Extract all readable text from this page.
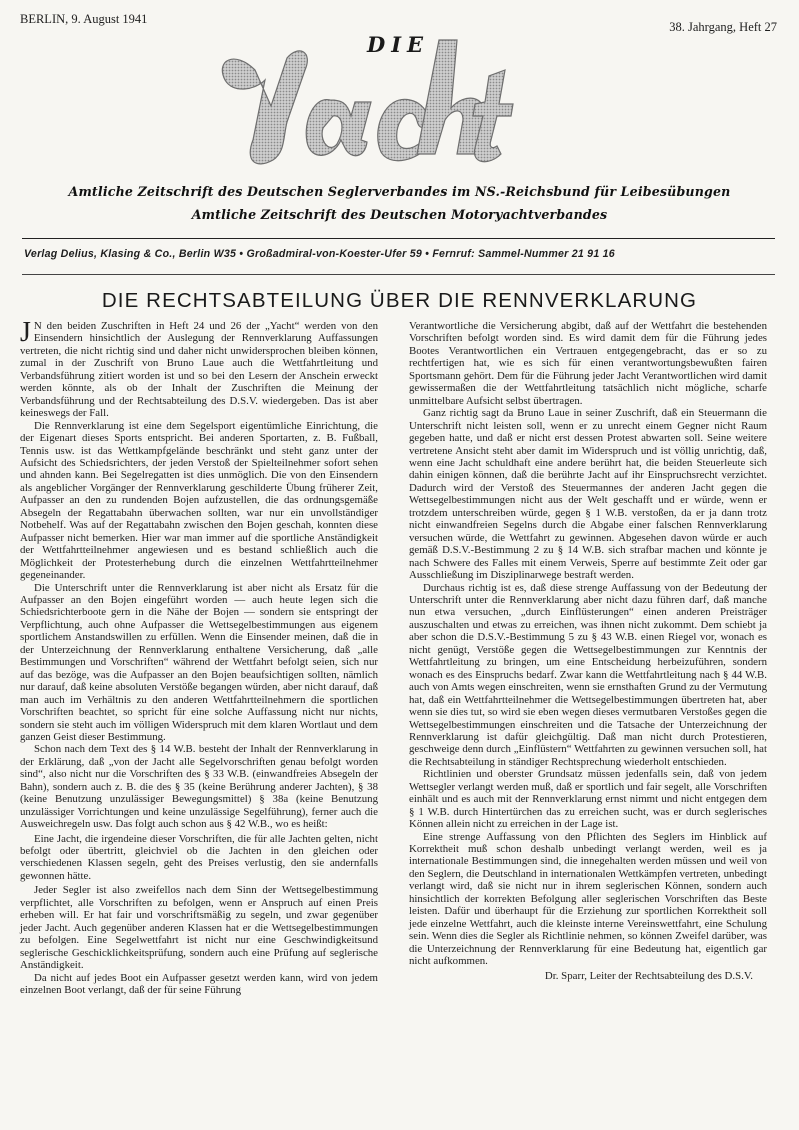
BERLIN, 9. August 1941
38. Jahrgang, Heft 27
DIE
Amtliche Zeitschrift des Deutschen Seglerverbandes im NS.-Reichsbund für Leibesübungen
Amtliche Zeitschrift des Deutschen Motoryachtverbandes
Verlag Delius, Klasing & Co., Berlin W35 • Großadmiral-von-Koester-Ufer 59 • Fernruf: Sammel-Nummer 21 91 16
DIE RECHTSABTEILUNG ÜBER DIE RENNVERKLARUNG

J N den beiden Zuschriften in Heft 24 und 26 der „Yacht“ werden von den Einsendern hinsichtlich der Auslegung der Rennverklarung Auffassungen vertreten, die nicht richtig sind und daher nicht unwidersprochen bleiben können, zumal in der Zuschrift von Bruno Laue auch die Wettfahrtleitung und Verbandsführung zitiert worden ist und so bei den Lesern der Anschein erweckt werden könnte, als ob der Inhalt der Zuschriften die Meinung der Verbandsführung und der Rechtsabteilung des D.S.V. wiedergeben. Das ist aber keineswegs der Fall.

Die Rennverklarung ist eine dem Segelsport eigentümliche Einrichtung, die der Eigenart dieses Sports entspricht. Bei anderen Sportarten, z. B. Fußball, Tennis usw. ist das Wettkampfgelände beschränkt und steht ganz unter der Aufsicht des Schiedsrichters, der jeden Verstoß der Spielteilnehmer sofort sehen und ahnden kann. Bei Segelregatten ist dies unmöglich. Die von den Einsendern als angeblicher Vorgänger der Rennverklarung geschilderte Übung früherer Zeit, Aufpasser an den zu rundenden Bojen aufzustellen, die das ordnungsgemäße Absegeln der Regattabahn überwachen sollten, war nur ein unvollständiger Notbehelf. Was auf der Regattabahn zwischen den Bojen geschah, konnten diese Aufpasser nicht bemerken. Hier war man immer auf die sportliche Anständigkeit der Wettfahrtteilnehmer angewiesen und es bestand schließlich auch die Möglichkeit der Protesterhebung durch die einzelnen Wettfahrtteilnehmer gegeneinander.

Die Unterschrift unter die Rennverklarung ist aber nicht als Ersatz für die Aufpasser an den Bojen eingeführt worden — auch heute legen sich die Schiedsrichterboote gern in die Nähe der Bojen — sondern sie entspringt der Verpflichtung, auch ohne Aufpasser die Wettsegelbestimmungen aus eigenem sportlichem Anstandswillen zu erfüllen. Wenn die Einsender meinen, daß die in der Unterzeichnung der Rennverklarung enthaltene Versicherung, daß „alle Bestimmungen und Vorschriften“ während der Wettfahrt befolgt seien, sich nur auf das bezöge, was die Aufpasser an den Bojen beaufsichtigen sollten, nämlich nur darauf, daß keine absoluten Verstöße begangen würden, aber nicht darauf, daß man auch im Verhältnis zu den anderen Wettfahrtteilnehmern die sportlichen Vorschriften beachtet, so spricht für eine solche Auffassung nicht nur nichts, sondern sie steht auch im völligen Widerspruch mit dem klaren Wortlaut und dem ganzen Geist dieser Bestimmung.

Schon nach dem Text des § 14 W.B. besteht der Inhalt der Rennverklarung in der Erklärung, daß „von der Jacht alle Segelvorschriften genau befolgt worden sind“, also nicht nur die Vorschriften des § 33 W.B. (einwandfreies Absegeln der Bahn), sondern auch z. B. die des § 35 (keine Berührung anderer Jachten), § 38 (keine Benutzung unzulässiger Bewegungsmittel) § 38a (keine Benutzung unzulässiger Vorrichtungen und keine unzulässige Segelführung), ferner auch die Ausweichregeln usw. Das folgt auch schon aus § 42 W.B., wo es heißt:

Eine Jacht, die irgendeine dieser Vorschriften, die für alle Jachten gelten, nicht befolgt oder übertritt, gleichviel ob die Jachten in den gleichen oder verschiedenen Klassen segeln, geht des Preises verlustig, den sie andernfalls gewonnen hätte.

Jeder Segler ist also zweifellos nach dem Sinn der Wettsegelbestimmung verpflichtet, alle Vorschriften zu befolgen, wenn er Anspruch auf einen Preis erheben will. Er hat fair und vorschriftsmäßig zu segeln, und zwar gegenüber jeder Jacht. Auch gegenüber anderen Klassen hat er die Wettsegelbestimmungen zu befolgen. Eine Segelwettfahrt ist nicht nur eine Geschwindigkeitsund seglerische Geschicklichkeitsprüfung, sondern auch eine Prüfung auf seglerische Anständigkeit.

Da nicht auf jedes Boot ein Aufpasser gesetzt werden kann, wird von jedem einzelnen Boot verlangt, daß der für seine Führung

Verantwortliche die Versicherung abgibt, daß auf der Wettfahrt die bestehenden Vorschriften befolgt worden sind. Es wird damit dem für die Führung jedes Bootes Verantwortlichen ein Vertrauen entgegengebracht, das er so zu rechtfertigen hat, wie es sich für einen verantwortungsbewußten fairen Sportsmann gehört. Dem für die Führung jeder Jacht Verantwortlichen wird damit gewissermaßen die der Wettfahrtleitung tatsächlich nicht mögliche, scharfe unmittelbare Aufsicht selbst übertragen.

Ganz richtig sagt da Bruno Laue in seiner Zuschrift, daß ein Steuermann die Unterschrift nicht leisten soll, wenn er zu unrecht einem Gegner nicht Raum gegeben hatte, und daß er nicht erst dessen Protest abwarten soll. Seine weitere vertretene Ansicht steht aber damit im Widerspruch und ist völlig unrichtig, daß, wenn eine Jacht schuldhaft eine andere berührt hat, die beiden Steuerleute sich dahin einigen können, daß die berührte Jacht auf ihr Einspruchsrecht verzichtet. Dadurch wird der Verstoß des Steuermannes der anderen Jacht gegen die Wettsegelbestimmungen nicht aus der Welt geschafft und er würde, wenn er trotzdem unterschreiben würde, gegen § 1 W.B. verstoßen, da er ja dann trotz nicht einwandfreien Segelns durch die Abgabe einer falschen Rennverklarung versuchen würde, die Wettfahrt zu gewinnen. Abgesehen davon würde er auch gemäß D.S.V.-Bestimmung 2 zu § 14 W.B. sich strafbar machen und könnte je nach Schwere des Falles mit einem Verweis, Sperre auf bestimmte Zeit oder gar Ausschließung im Disziplinarwege bestraft werden.

Durchaus richtig ist es, daß diese strenge Auffassung von der Bedeutung der Unterschrift unter die Rennverklarung aber nicht dazu führen darf, daß manche nun etwa versuchen, „durch Einflüsterungen“ einen anderen Preisträger auszuschalten und etwas zu erreichen, was ihnen nicht zukommt. Dem schiebt ja aber schon die D.S.V.-Bestimmung 5 zu § 43 W.B. einen Riegel vor, wonach es nicht genügt, Verstöße gegen die Wettsegelbestimmungen zur Kenntnis der Wettfahrtleitung zu bringen, um eine Entscheidung herbeizuführen, sondern wonach es des Einspruchs bedarf. Zwar kann die Wettfahrtleitung nach § 44 W.B. auch von Amts wegen einschreiten, wenn sie ernsthaften Grund zu der Vermutung hat, daß ein Wettfahrtteilnehmer die Wettsegelbestimmungen übertreten hat, aber wenn sie dies tut, so wird sie eben wegen dieses vermutbaren Verstoßes gegen die Wettsegelbestimmungen einschreiten und die Tatsache der Unterzeichnung der Rennverklarung ist dafür gleichgültig. Daß man nicht durch Protestieren, geschweige denn durch „Einflüstern“ Wettfahrten zu gewinnen versuchen soll, hat die Rechtsabteilung in ständiger Rechtsprechung wiederholt entschieden.

Richtlinien und oberster Grundsatz müssen jedenfalls sein, daß von jedem Wettsegler verlangt werden muß, daß er sportlich und fair segelt, alle Vorschriften einhält und es auch mit der Rennverklarung ernst nimmt und nicht entgegen dem § 1 W.B. durch Hintertürchen das zu erreichen sucht, was er durch seglerisches Können allein nicht zu erreichen in der Lage ist.

Eine strenge Auffassung von den Pflichten des Seglers im Hinblick auf Korrektheit muß schon deshalb unbedingt verlangt werden, weil es ja internationale Bestimmungen sind, die innegehalten werden müssen und weil von den Seglern, die Deutschland in internationalen Wettkämpfen vertreten, unbedingt verlangt wird, daß sie nicht nur in ihrem seglerischen Können, sondern auch hinsichtlich der korrekten Befolgung aller seglerischen Vorschriften das Beste leisten. Dafür und überhaupt für die Erziehung zur sportlichen Korrektheit soll jede einzelne Wettfahrt, auch die kleinste interne Vereinswettfahrt, eine Schulung sein. Wenn dies die Segler als Richtlinie nehmen, so können Zweifel darüber, was die Unterzeichnung der Rennverklarung für eine Bedeutung hat, eigentlich gar nicht aufkommen.

Dr. Sparr, Leiter der Rechtsabteilung des D.S.V.
